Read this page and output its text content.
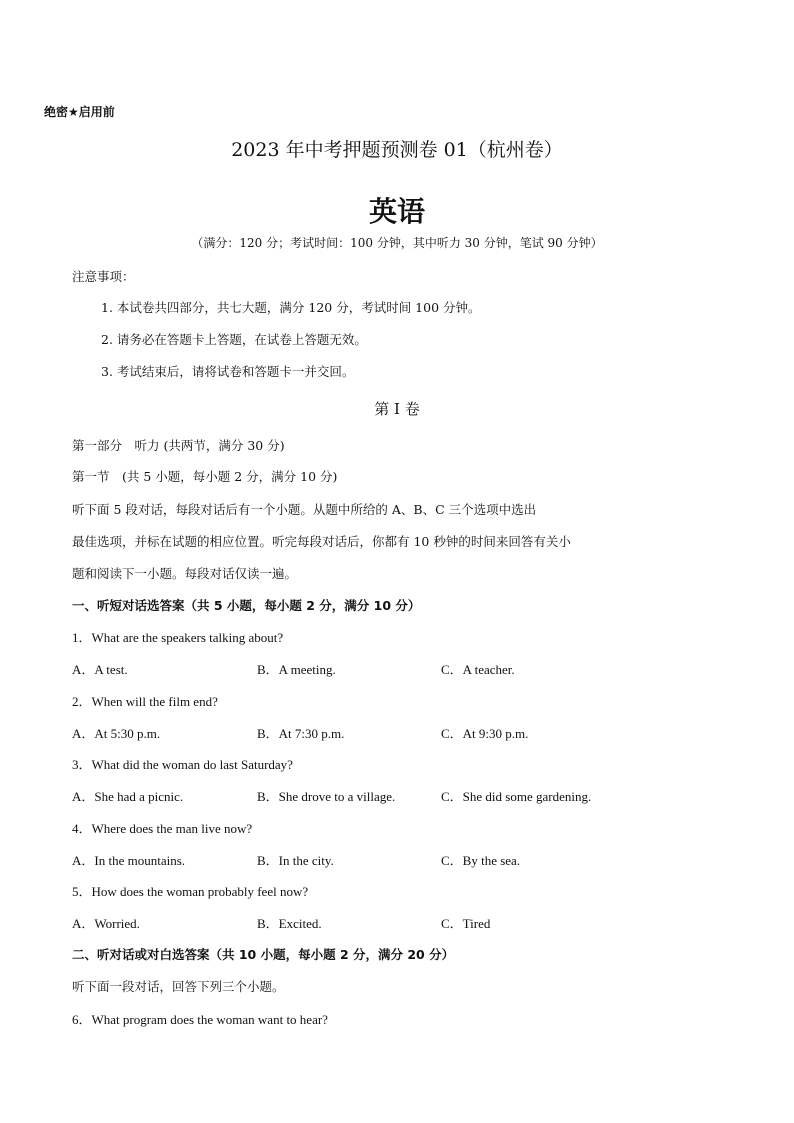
绝密★启用前
2023 年中考押题预测卷 01（杭州卷）
英语
（满分：120 分；考试时间：100 分钟，其中听力 30 分钟，笔试 90 分钟）
注意事项：
1. 本试卷共四部分，共七大题，满分 120 分，考试时间 100 分钟。
2. 请务必在答题卡上答题，在试卷上答题无效。
3. 考试结束后，请将试卷和答题卡一并交回。
第 I 卷
第一部分　听力 (共两节，满分 30 分)
第一节　(共 5 小题，每小题 2 分，满分 10 分)
听下面 5 段对话，每段对话后有一个小题。从题中所给的 A、B、C 三个选项中选出
最佳选项，并标在试题的相应位置。听完每段对话后，你都有 10 秒钟的时间来回答有关小
题和阅读下一小题。每段对话仅读一遍。
一、听短对话选答案（共 5 小题，每小题 2 分，满分 10 分）
1．What are the speakers talking about?
A．A test.	B．A meeting.	C．A teacher.
2．When will the film end?
A．At 5:30 p.m.	B．At 7:30 p.m.	C．At 9:30 p.m.
3．What did the woman do last Saturday?
A．She had a picnic.	B．She drove to a village.	C．She did some gardening.
4．Where does the man live now?
A．In the mountains.	B．In the city.	C．By the sea.
5．How does the woman probably feel now?
A．Worried.	B．Excited.	C．Tired
二、听对话或对白选答案（共 10 小题，每小题 2 分，满分 20 分）
听下面一段对话，回答下列三个小题。
6．What program does the woman want to hear?
